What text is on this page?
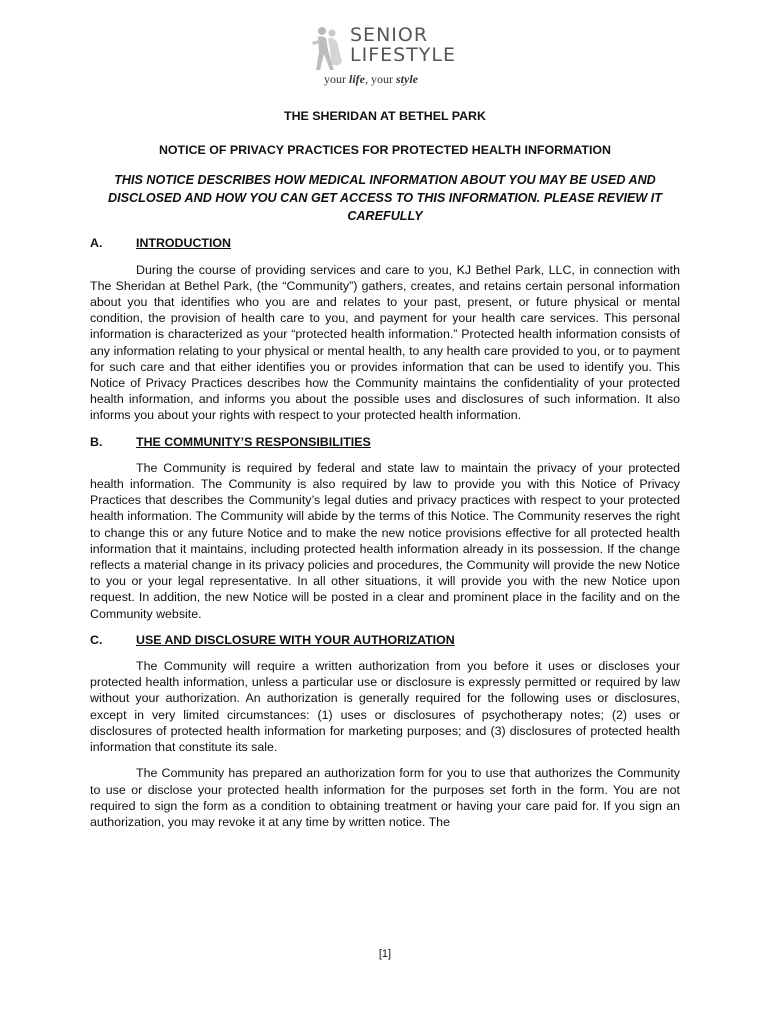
SENIOR
LIFESTYLE
your life, your style
THE SHERIDAN AT BETHEL PARK
NOTICE OF PRIVACY PRACTICES FOR PROTECTED HEALTH INFORMATION
THIS NOTICE DESCRIBES HOW MEDICAL INFORMATION ABOUT YOU MAY BE USED AND DISCLOSED AND HOW YOU CAN GET ACCESS TO THIS INFORMATION. PLEASE REVIEW IT CAREFULLY
A.	INTRODUCTION

During the course of providing services and care to you, KJ Bethel Park, LLC, in connection with The Sheridan at Bethel Park, (the “Community”) gathers, creates, and retains certain personal information about you that identifies who you are and relates to your past, present, or future physical or mental condition, the provision of health care to you, and payment for your health care services. This personal information is characterized as your “protected health information.” Protected health information consists of any information relating to your physical or mental health, to any health care provided to you, or to payment for such care and that either identifies you or provides information that can be used to identify you. This Notice of Privacy Practices describes how the Community maintains the confidentiality of your protected health information, and informs you about the possible uses and disclosures of such information. It also informs you about your rights with respect to your protected health information.

B.	THE COMMUNITY’S RESPONSIBILITIES

The Community is required by federal and state law to maintain the privacy of your protected health information. The Community is also required by law to provide you with this Notice of Privacy Practices that describes the Community’s legal duties and privacy practices with respect to your protected health information. The Community will abide by the terms of this Notice. The Community reserves the right to change this or any future Notice and to make the new notice provisions effective for all protected health information that it maintains, including protected health information already in its possession. If the change reflects a material change in its privacy policies and procedures, the Community will provide the new Notice to you or your legal representative. In all other situations, it will provide you with the new Notice upon request. In addition, the new Notice will be posted in a clear and prominent place in the facility and on the Community website.

C.	USE AND DISCLOSURE WITH YOUR AUTHORIZATION

The Community will require a written authorization from you before it uses or discloses your protected health information, unless a particular use or disclosure is expressly permitted or required by law without your authorization. An authorization is generally required for the following uses or disclosures, except in very limited circumstances: (1) uses or disclosures of psychotherapy notes; (2) uses or disclosures of protected health information for marketing purposes; and (3) disclosures of protected health information that constitute its sale.

The Community has prepared an authorization form for you to use that authorizes the Community to use or disclose your protected health information for the purposes set forth in the form. You are not required to sign the form as a condition to obtaining treatment or having your care paid for. If you sign an authorization, you may revoke it at any time by written notice. The

[1]
